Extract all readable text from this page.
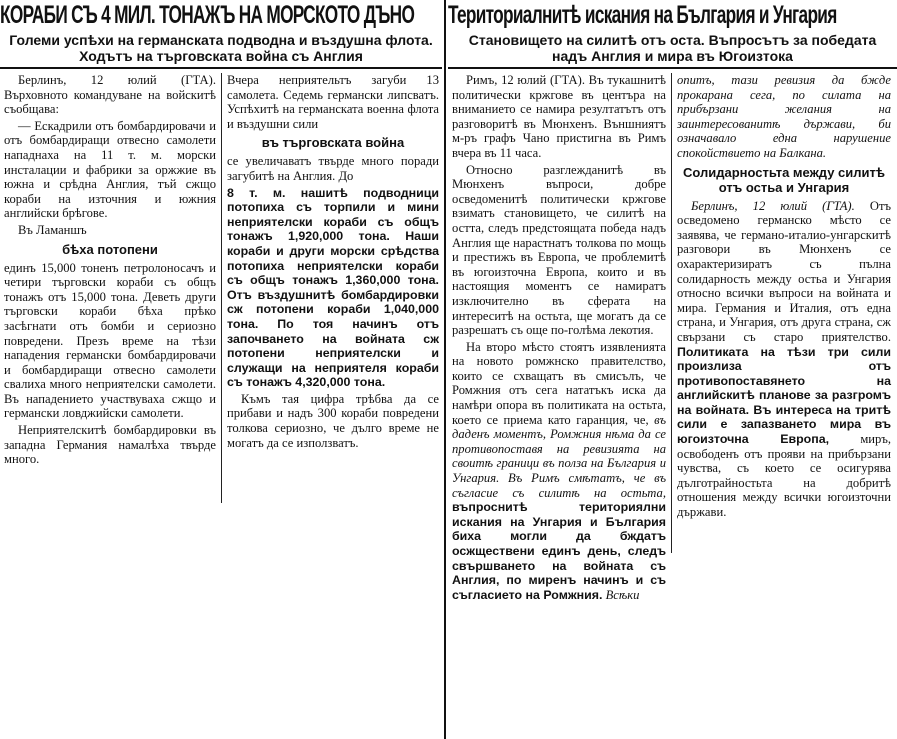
КОРАБИ СЪ 4 МИЛ. ТОНАЖЪ НА МОРСКОТО ДЪНО
Големи успѣхи на германската подводна и въздушна флота. Ходътъ на търговската война съ Англия

Берлинъ, 12 юлий (ГТА). Върховното командуване на войскитѣ съобщава:

— Ескадрили отъ бомбардировачи и отъ бомбардиращи отвесно самолети нападнаха на 11 т. м. морски инсталации и фабрики за оржжие въ южна и срѣдна Англия, тъй сжщо кораби на източния и южния английски брѣгове.

Въ Ламаншъ

бѣха потопени

единъ 15,000 тоненъ петролоносачъ и четири търговски кораби съ общъ тонажъ отъ 15,000 тона. Деветь други търговски кораби бѣха прѣко засѣгнати отъ бомби и сериозно повредени. Презъ време на тѣзи нападения германски бомбардировачи и бомбардиращи отвесно самолети свалиха много неприятелски самолети. Въ нападението участвуваха сжщо и германски ловджийски самолети.

Неприятелскитѣ бомбардировки въ западна Германия намалѣха твърде много.

Вчера неприятельтъ загуби 13 самолета. Седемь германски липсватъ. Успѣхитѣ на германската военна флота и въздушни сили

въ търговската война

се увеличаватъ твърде много поради загубитѣ на Англия. До

8 т. м. нашитѣ подводници потопиха съ торпили и мини неприятелски кораби съ общъ тонажъ 1,920,000 тона. Наши кораби и други морски срѣдства потопиха неприятелски кораби съ общъ тонажъ 1,360,000 тона. Отъ въздушнитѣ бомбардировки сж потопени кораби 1,040,000 тона. По тоя начинъ отъ започването на войната сж потопени неприятелски и служащи на неприятеля кораби съ тонажъ 4,320,000 тона.

Къмъ тая цифра трѣбва да се прибави и надъ 300 кораби повредени толкова сериозно, че дълго време не могатъ да се използватъ.

Териториалнитѣ искания на България и Унгария
Становището на силитѣ отъ оста. Въпросътъ за победата надъ Англия и мира въ Югоизтока

Римъ, 12 юлий (ГТА). Въ тукашнитѣ политически кржгове въ центъра на вниманието се намира резултатътъ отъ разговоритѣ въ Мюнхенъ. Външниятъ м-ръ графъ Чано пристигна въ Римъ вчера въ 11 часа.

Относно разглежданитѣ въ Мюнхенъ въпроси, добре осведоменитѣ политически кржгове взиматъ становището, че силитѣ на остта, следъ предстоящата победа надъ Англия ще нарастнатъ толкова по мощь и престижъ въ Европа, че проблемитѣ въ югоизточна Европа, които и въ настоящия моментъ се намиратъ изключително въ сферата на интереситѣ на остьта, ще могатъ да се разрешатъ съ още по-голѣма лекотия.

На второ мѣсто стоятъ изявленията на новото ромжнско правителство, които се схващатъ въ смисълъ, че Ромжния отъ сега нататъкъ иска да намѣри опора въ политиката на остьта, което се приема като гаранция, че, въ даденъ моментъ, Ромжния нѣма да се противопоставя на ревизията на своитѣ граници въ полза на България и Унгария. Въ Римъ смѣтатъ, че въ съгласие съ силитѣ на остьта, въпроснитѣ териториялни искания на Унгария и България биха могли да бждатъ осжществени единъ день, следъ свършването на войната съ Англия, по миренъ начинъ и съ съгласието на Ромжния. Всѣки

опитъ, тази ревизия да бжде прокарана сега, по силата на прибързани желания на заинтересованитѣ държави, би означавало една нарушение спокойствието на Балкана.

Солидарностьта между силитѣ отъ остьа и Унгария

Берлинъ, 12 юлий (ГТА). Отъ осведомено германско мѣсто се заявява, че германо-италио-унгарскитѣ разговори въ Мюнхенъ се охарактеризиратъ съ пълна солидарность между остьа и Унгария относно всички въпроси на войната и мира. Германия и Италия, отъ една страна, и Унгария, отъ друга страна, сж свързани съ старо приятелство. Политиката на тѣзи три сили произлиза отъ противопоставянето на английскитѣ планове за разгромъ на войната. Въ интереса на тритѣ сили е запазването мира въ югоизточна Европа, миръ, освободенъ отъ прояви на прибързани чувства, съ което се осигурява дълготрайностьта на добритѣ отношения между всички югоизточни държави.
